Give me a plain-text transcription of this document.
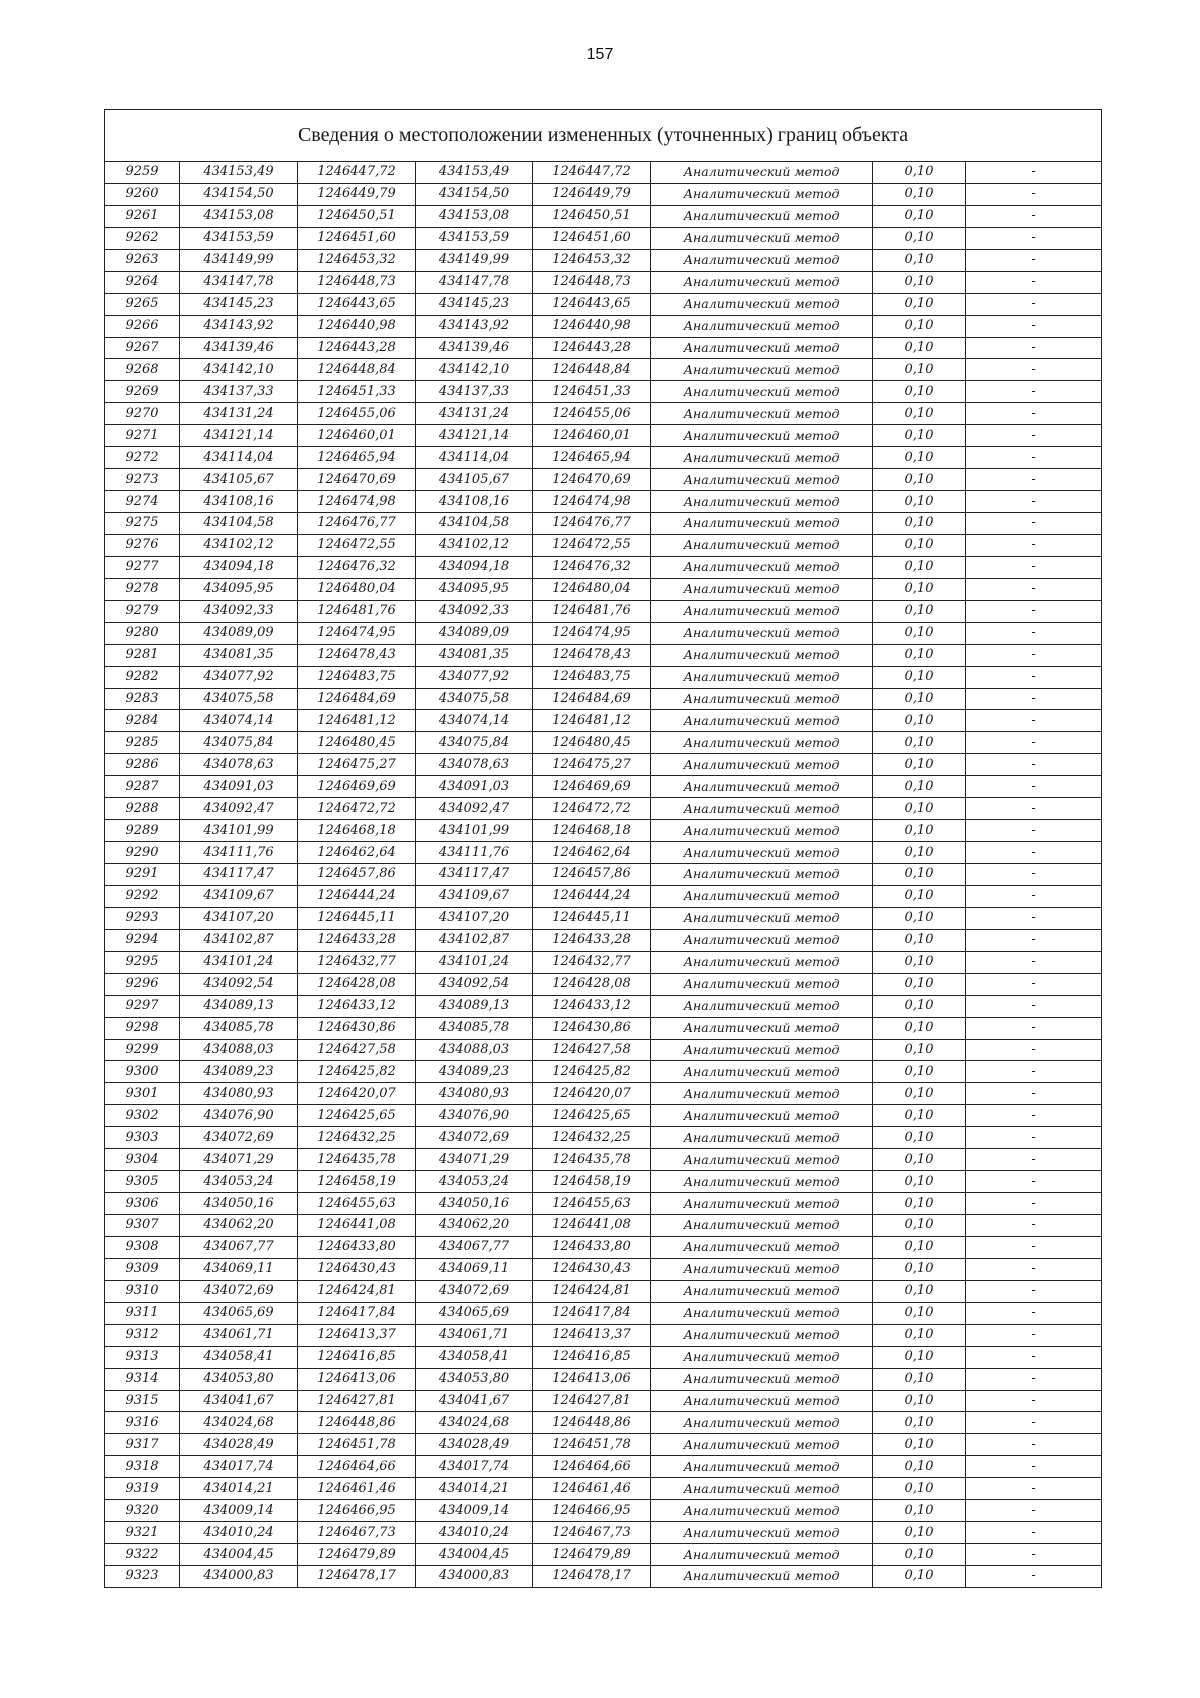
157
Сведения о местоположении измененных (уточненных) границ объекта							
9259	434153,49	1246447,72	434153,49	1246447,72	Аналитический метод	0,10	-
9260	434154,50	1246449,79	434154,50	1246449,79	Аналитический метод	0,10	-
9261	434153,08	1246450,51	434153,08	1246450,51	Аналитический метод	0,10	-
9262	434153,59	1246451,60	434153,59	1246451,60	Аналитический метод	0,10	-
9263	434149,99	1246453,32	434149,99	1246453,32	Аналитический метод	0,10	-
9264	434147,78	1246448,73	434147,78	1246448,73	Аналитический метод	0,10	-
9265	434145,23	1246443,65	434145,23	1246443,65	Аналитический метод	0,10	-
9266	434143,92	1246440,98	434143,92	1246440,98	Аналитический метод	0,10	-
9267	434139,46	1246443,28	434139,46	1246443,28	Аналитический метод	0,10	-
9268	434142,10	1246448,84	434142,10	1246448,84	Аналитический метод	0,10	-
9269	434137,33	1246451,33	434137,33	1246451,33	Аналитический метод	0,10	-
9270	434131,24	1246455,06	434131,24	1246455,06	Аналитический метод	0,10	-
9271	434121,14	1246460,01	434121,14	1246460,01	Аналитический метод	0,10	-
9272	434114,04	1246465,94	434114,04	1246465,94	Аналитический метод	0,10	-
9273	434105,67	1246470,69	434105,67	1246470,69	Аналитический метод	0,10	-
9274	434108,16	1246474,98	434108,16	1246474,98	Аналитический метод	0,10	-
9275	434104,58	1246476,77	434104,58	1246476,77	Аналитический метод	0,10	-
9276	434102,12	1246472,55	434102,12	1246472,55	Аналитический метод	0,10	-
9277	434094,18	1246476,32	434094,18	1246476,32	Аналитический метод	0,10	-
9278	434095,95	1246480,04	434095,95	1246480,04	Аналитический метод	0,10	-
9279	434092,33	1246481,76	434092,33	1246481,76	Аналитический метод	0,10	-
9280	434089,09	1246474,95	434089,09	1246474,95	Аналитический метод	0,10	-
9281	434081,35	1246478,43	434081,35	1246478,43	Аналитический метод	0,10	-
9282	434077,92	1246483,75	434077,92	1246483,75	Аналитический метод	0,10	-
9283	434075,58	1246484,69	434075,58	1246484,69	Аналитический метод	0,10	-
9284	434074,14	1246481,12	434074,14	1246481,12	Аналитический метод	0,10	-
9285	434075,84	1246480,45	434075,84	1246480,45	Аналитический метод	0,10	-
9286	434078,63	1246475,27	434078,63	1246475,27	Аналитический метод	0,10	-
9287	434091,03	1246469,69	434091,03	1246469,69	Аналитический метод	0,10	-
9288	434092,47	1246472,72	434092,47	1246472,72	Аналитический метод	0,10	-
9289	434101,99	1246468,18	434101,99	1246468,18	Аналитический метод	0,10	-
9290	434111,76	1246462,64	434111,76	1246462,64	Аналитический метод	0,10	-
9291	434117,47	1246457,86	434117,47	1246457,86	Аналитический метод	0,10	-
9292	434109,67	1246444,24	434109,67	1246444,24	Аналитический метод	0,10	-
9293	434107,20	1246445,11	434107,20	1246445,11	Аналитический метод	0,10	-
9294	434102,87	1246433,28	434102,87	1246433,28	Аналитический метод	0,10	-
9295	434101,24	1246432,77	434101,24	1246432,77	Аналитический метод	0,10	-
9296	434092,54	1246428,08	434092,54	1246428,08	Аналитический метод	0,10	-
9297	434089,13	1246433,12	434089,13	1246433,12	Аналитический метод	0,10	-
9298	434085,78	1246430,86	434085,78	1246430,86	Аналитический метод	0,10	-
9299	434088,03	1246427,58	434088,03	1246427,58	Аналитический метод	0,10	-
9300	434089,23	1246425,82	434089,23	1246425,82	Аналитический метод	0,10	-
9301	434080,93	1246420,07	434080,93	1246420,07	Аналитический метод	0,10	-
9302	434076,90	1246425,65	434076,90	1246425,65	Аналитический метод	0,10	-
9303	434072,69	1246432,25	434072,69	1246432,25	Аналитический метод	0,10	-
9304	434071,29	1246435,78	434071,29	1246435,78	Аналитический метод	0,10	-
9305	434053,24	1246458,19	434053,24	1246458,19	Аналитический метод	0,10	-
9306	434050,16	1246455,63	434050,16	1246455,63	Аналитический метод	0,10	-
9307	434062,20	1246441,08	434062,20	1246441,08	Аналитический метод	0,10	-
9308	434067,77	1246433,80	434067,77	1246433,80	Аналитический метод	0,10	-
9309	434069,11	1246430,43	434069,11	1246430,43	Аналитический метод	0,10	-
9310	434072,69	1246424,81	434072,69	1246424,81	Аналитический метод	0,10	-
9311	434065,69	1246417,84	434065,69	1246417,84	Аналитический метод	0,10	-
9312	434061,71	1246413,37	434061,71	1246413,37	Аналитический метод	0,10	-
9313	434058,41	1246416,85	434058,41	1246416,85	Аналитический метод	0,10	-
9314	434053,80	1246413,06	434053,80	1246413,06	Аналитический метод	0,10	-
9315	434041,67	1246427,81	434041,67	1246427,81	Аналитический метод	0,10	-
9316	434024,68	1246448,86	434024,68	1246448,86	Аналитический метод	0,10	-
9317	434028,49	1246451,78	434028,49	1246451,78	Аналитический метод	0,10	-
9318	434017,74	1246464,66	434017,74	1246464,66	Аналитический метод	0,10	-
9319	434014,21	1246461,46	434014,21	1246461,46	Аналитический метод	0,10	-
9320	434009,14	1246466,95	434009,14	1246466,95	Аналитический метод	0,10	-
9321	434010,24	1246467,73	434010,24	1246467,73	Аналитический метод	0,10	-
9322	434004,45	1246479,89	434004,45	1246479,89	Аналитический метод	0,10	-
9323	434000,83	1246478,17	434000,83	1246478,17	Аналитический метод	0,10	-
